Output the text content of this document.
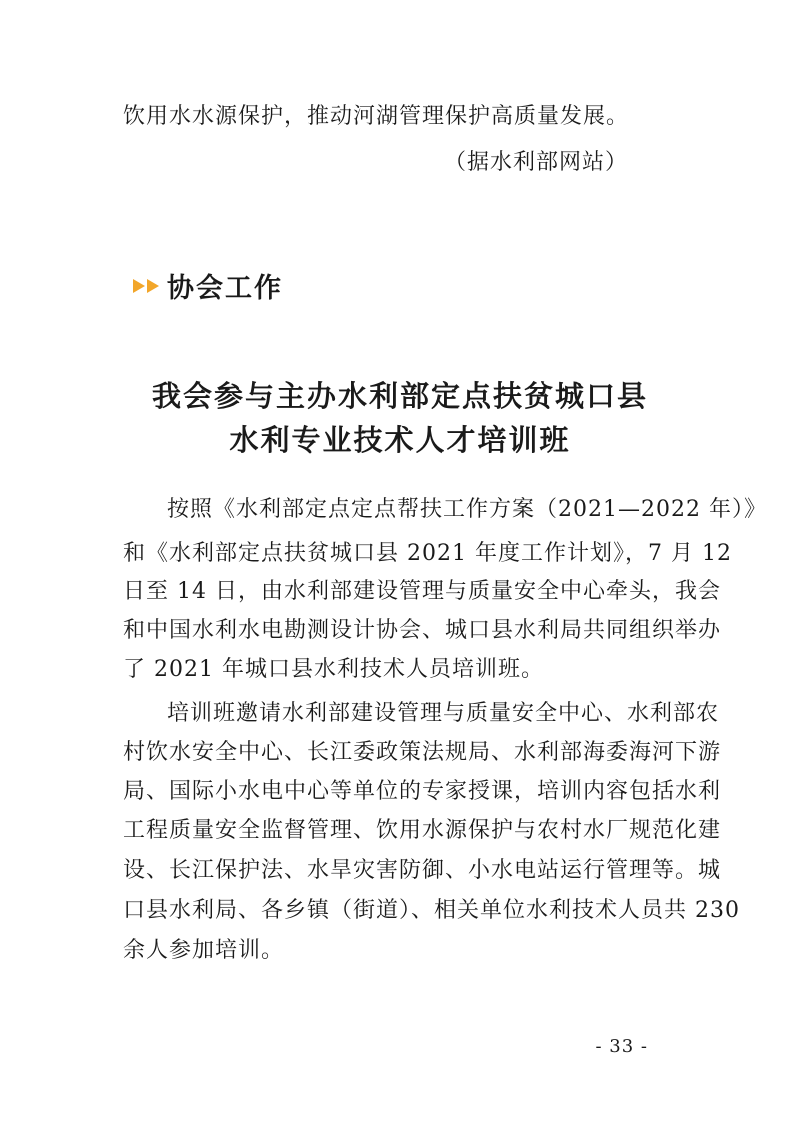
饮用水水源保护，推动河湖管理保护高质量发展。
（据水利部网站）
协会工作
我会参与主办水利部定点扶贫城口县
水利专业技术人才培训班
按照《水利部定点定点帮扶工作方案（2021—2022 年）》
和《水利部定点扶贫城口县 2021 年度工作计划》，7 月 12
日至 14 日，由水利部建设管理与质量安全中心牵头，我会
和中国水利水电勘测设计协会、城口县水利局共同组织举办
了 2021 年城口县水利技术人员培训班。
培训班邀请水利部建设管理与质量安全中心、水利部农
村饮水安全中心、长江委政策法规局、水利部海委海河下游
局、国际小水电中心等单位的专家授课，培训内容包括水利
工程质量安全监督管理、饮用水源保护与农村水厂规范化建
设、长江保护法、水旱灾害防御、小水电站运行管理等。城
口县水利局、各乡镇（街道）、相关单位水利技术人员共 230
余人参加培训。
- 33 -
